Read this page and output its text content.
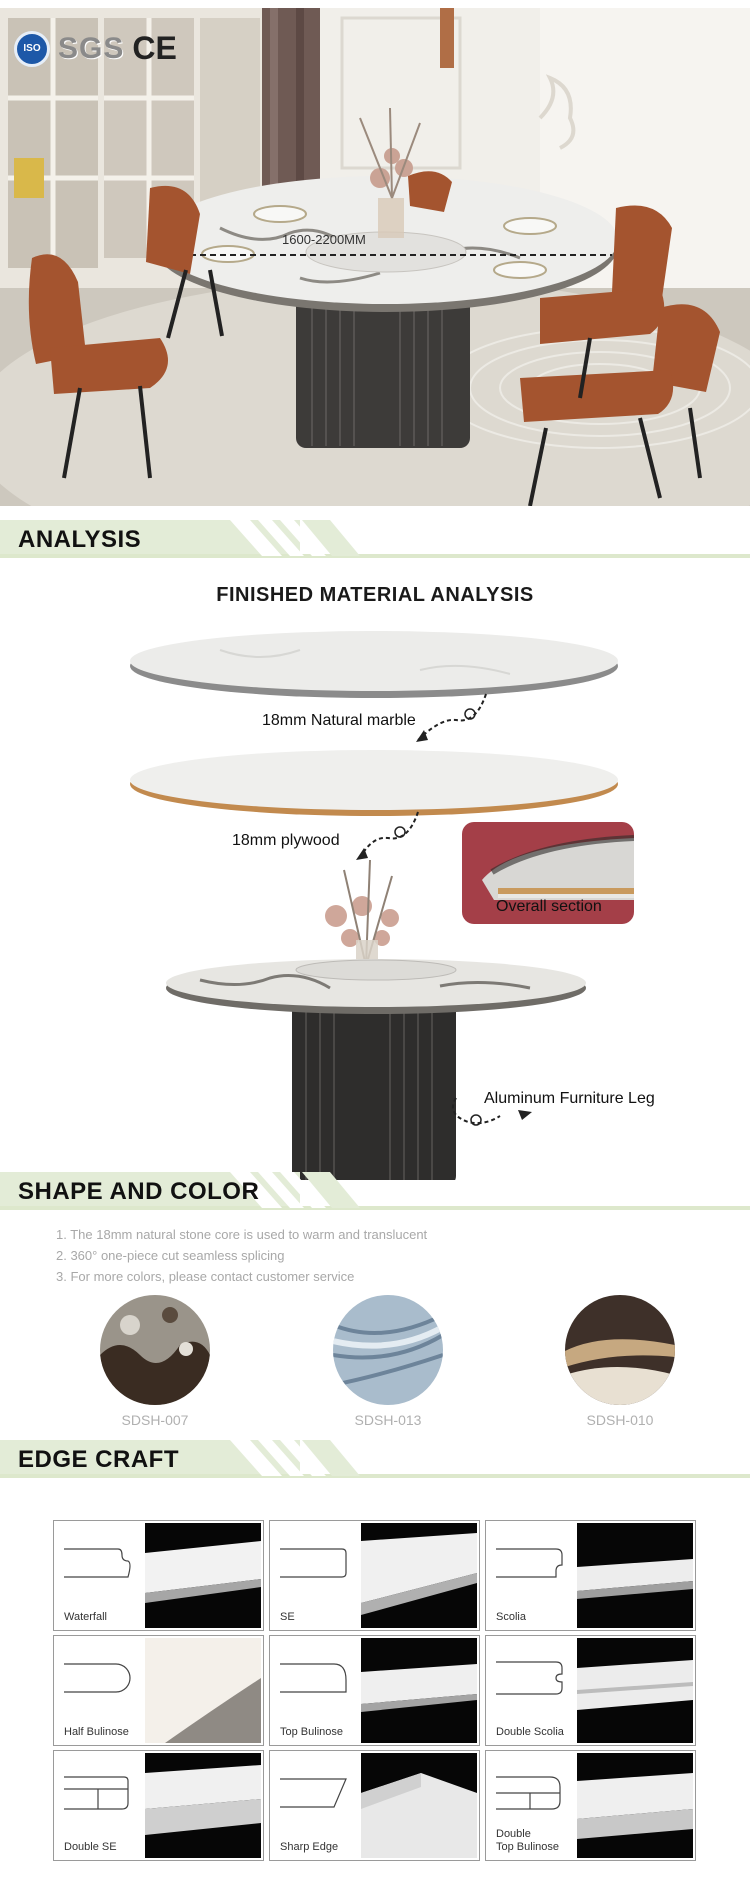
ISO SGS CE
1600-2200MM
ANALYSIS
FINISHED MATERIAL ANALYSIS
18mm Natural marble
18mm plywood
Aluminum Furniture Leg
Overall section
SHAPE AND COLOR
1. The 18mm natural stone core is used to warm and translucent
2. 360° one-piece cut seamless splicing
3. For more colors, please contact customer service
SDSH-007	SDSH-013	SDSH-010
EDGE CRAFT
Waterfall	SE	Scolia
Half Bulinose	Top Bulinose	Double Scolia
Double SE	Sharp Edge
Double
Top Bulinose
